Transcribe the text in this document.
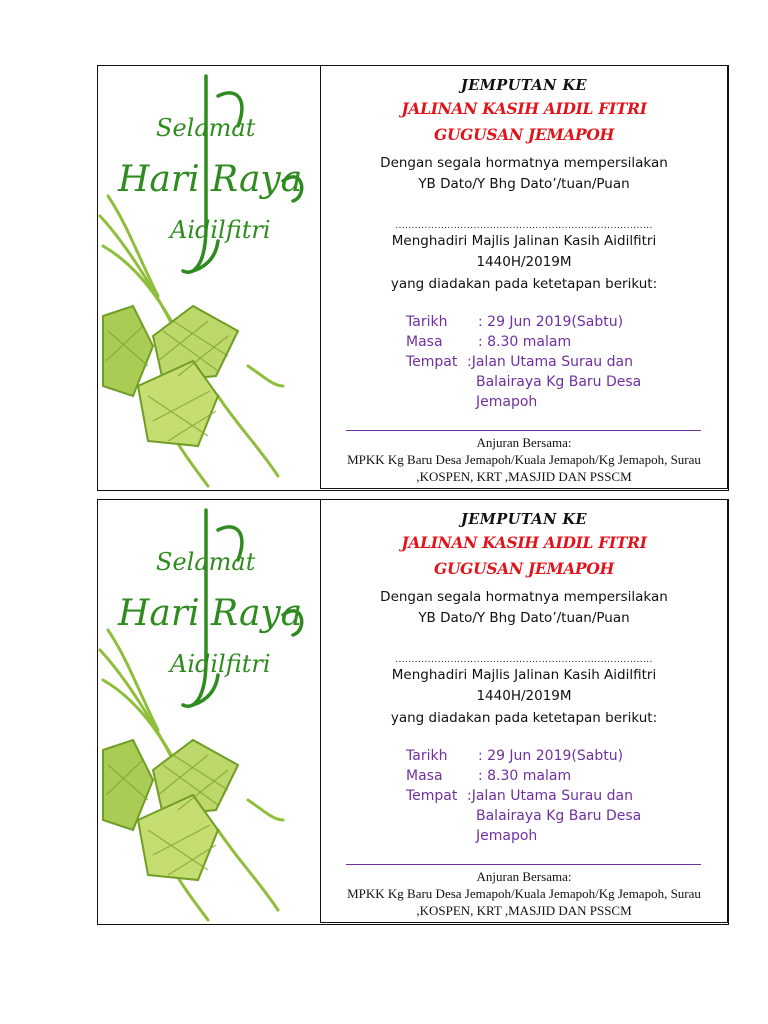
Selamat
Hari Raya
Aidilfitri
JEMPUTAN KE
JALINAN KASIH AIDIL FITRI
GUGUSAN JEMAPOH
Dengan segala hormatnya mempersilakan
YB Dato/Y Bhg Dato’/tuan/Puan
...............................................................................
Menghadiri Majlis Jalinan Kasih Aidilfitri
1440H/2019M
yang diadakan pada ketetapan berikut:
Tarikh : 29 Jun 2019(Sabtu)
Masa	: 8.30 malam
Tempat :Jalan Utama Surau dan
Balairaya Kg Baru Desa
Jemapoh
Anjuran Bersama:
MPKK Kg Baru Desa Jemapoh/Kuala Jemapoh/Kg Jemapoh, Surau
,KOSPEN, KRT ,MASJID DAN PSSCM
Selamat
Hari Raya
Aidilfitri
JEMPUTAN KE
JALINAN KASIH AIDIL FITRI
GUGUSAN JEMAPOH
Dengan segala hormatnya mempersilakan
YB Dato/Y Bhg Dato’/tuan/Puan
...............................................................................
Menghadiri Majlis Jalinan Kasih Aidilfitri
1440H/2019M
yang diadakan pada ketetapan berikut:
Tarikh : 29 Jun 2019(Sabtu)
Masa	: 8.30 malam
Tempat :Jalan Utama Surau dan
Balairaya Kg Baru Desa
Jemapoh
Anjuran Bersama:
MPKK Kg Baru Desa Jemapoh/Kuala Jemapoh/Kg Jemapoh, Surau
,KOSPEN, KRT ,MASJID DAN PSSCM
